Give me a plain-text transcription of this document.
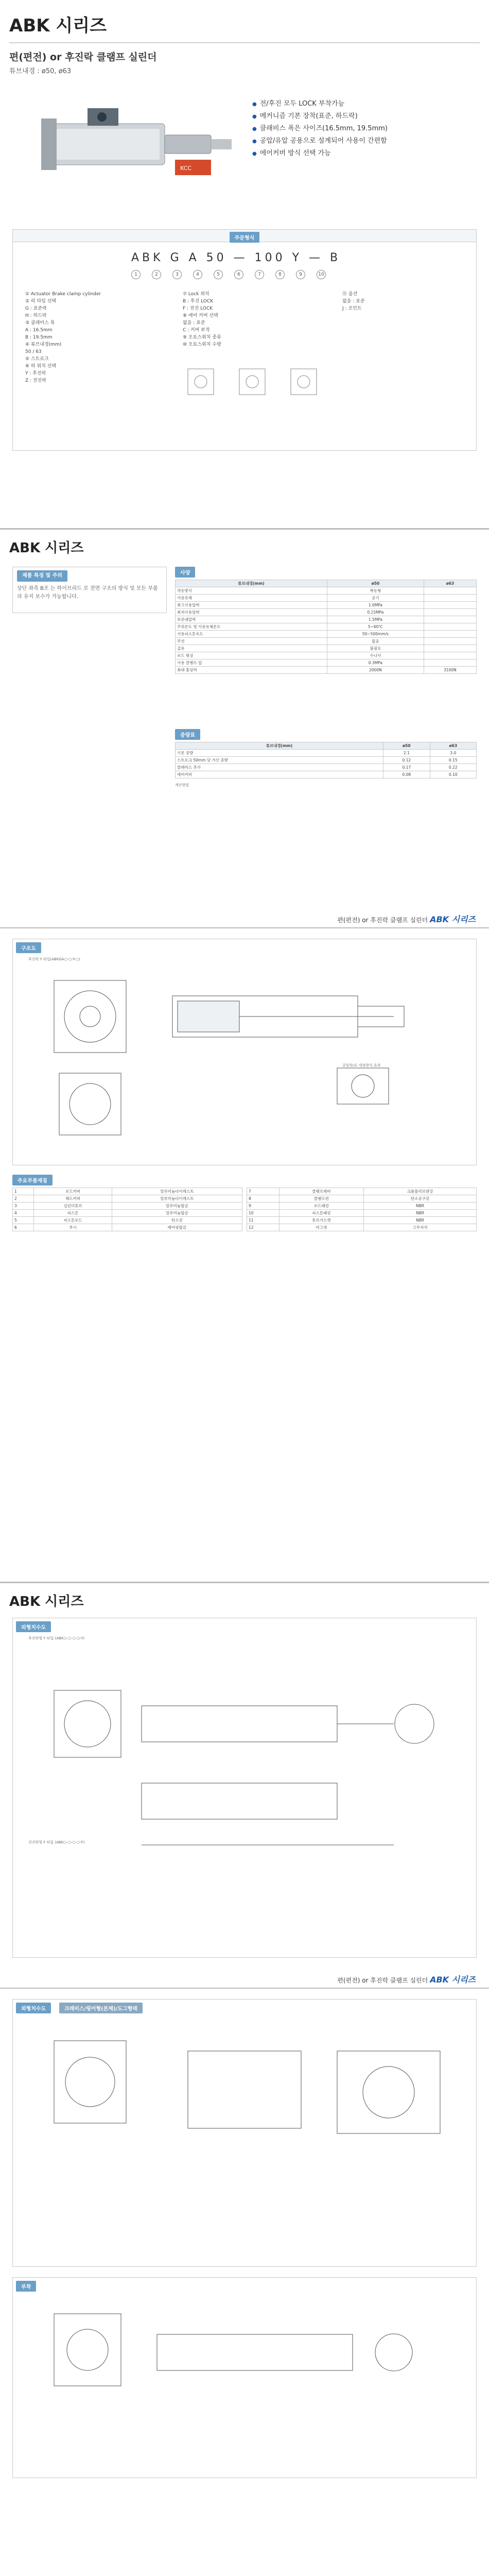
ABK 시리즈
편(편전) or 후진락 클램프 실린더
튜브내경 : ø50, ø63
KCC
● 전/후진 모두 LOCK 부착가능
● 메커니즘 기본 장착(표준, 하드락)
● 클래비스 폭은 사이즈(16.5mm, 19.5mm)
● 공압/유압 공용으로 설계되어 사용이 간편함
● 에어커버 방식 선택 가능
주문형식
ABK G A 50 — 100 Y — B
1	2	3	4	5	6	7	8	9	10
① Actuator Brake clamp cylinder
② 락 타입 선택
G : 표준락
H : 하드락
③ 클래비스 폭
A : 16.5mm
B : 19.5mm
④ 튜브내경(mm)
50 / 63
⑤ 스트로크
⑥ 락 위치 선택
Y : 후진락
Z : 전진락
⑦ Lock 위치
B : 후진 LOCK
F : 전진 LOCK
⑧ 에어 커버 선택
없음 : 표준
C : 커버 부착
⑨ 오토스위치 종류
⑩ 오토스위치 수량
⑪ 옵션
없음 : 표준
J : 조인트
ABK 시리즈
제품 특징 및 주의
상단 좌측 B조 는 하이브리드 로 전면 구조의 방식 및 모든 부품의 유지 보수가 가능합니다.
사양
튜브내경(mm)	ø50	ø63
작동방식	복동형	
사용유체	공기	
최고사용압력	1.0MPa	
최저사용압력	0.15MPa	
보증내압력	1.5MPa	
주위온도 및 사용유체온도	5~60℃	
사용피스톤속도	50~500mm/s	
쿠션	없음	
급유	불필요	
로드 형상	수나사	
사용 클램프 압	0.3MPa	
최대 홀딩력	2000N	3100N
중량표
튜브내경(mm)	ø50	ø63
기본 중량	2.1	3.0
스트로크 50mm 당 가산 중량	0.12	0.15
클래비스 추가	0.17	0.22
에어커버	0.08	0.10
계산방법
편(편전) or 후진락 클램프 실린더 ABK 시리즈
구조도
후진락 Y 타입(ABKGA○-○-Y-○)
공압락/유 세정방식 효과
주요부품재질
1	로드커버	알루미늄다이캐스트
2	헤드커버	알루미늄다이캐스트
3	실린더튜브	알루미늄합금
4	피스톤	알루미늄합금
5	피스톤로드	탄소강
6	부시	베어링합금
7	클램프레버	크롬몰리브덴강
8	클램프핀	탄소공구강
9	로드패킹	NBR
10	피스톤패킹	NBR
11	튜브가스켓	NBR
12	마그넷	고무자석
ABK 시리즈
외형치수도
후진락형 Y 타입 (ABK○-○-○-○-Y)
전진락형 F 타입 (ABK○-○-○-○-F)
편(편전) or 후진락 클램프 실린더 ABK 시리즈
외형치수도	크레비스/링어형(본체)/도그형태
부착
